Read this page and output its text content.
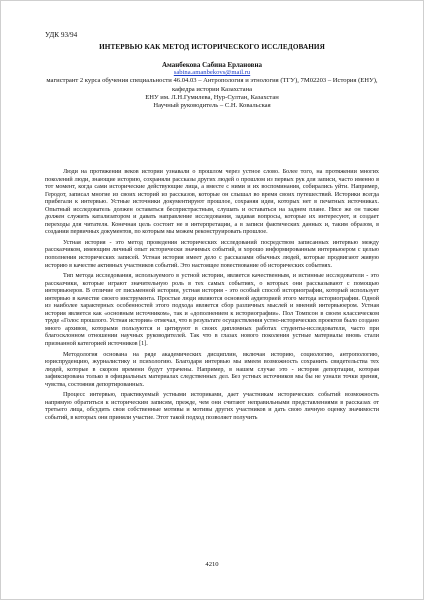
УДК 93/94
ИНТЕРВЬЮ КАК МЕТОД ИСТОРИЧЕСКОГО ИССЛЕДОВАНИЯ
Аманбекова Сабина Ерлановна
sabina.amanbekovs@mail.ru
магистрант 2 курса обучения специальности 46.04.03 – Антропология и этнология (ТГУ), 7М02203 – История (ЕНУ), кафедра истории Казахстана
ЕНУ им. Л.Н.Гумилева, Нур-Султан, Казахстан
Научный руководитель – С.Н. Ковальская

Люди на протяжении веков истории узнавали о прошлом через устное слово. Более того, на протяжении многих поколений люди, знающие историю, сохраняли рассказы других людей о прошлом из первых рук для записи, часто именно в тот момент, когда сами исторические действующие лица, а вместе с ними и их воспоминания, собирались уйти. Например, Геродот, записал многие из своих историй из рассказов, которые он слышал во время своих путешествий. Историки всегда прибегали к интервью. Устные источники документируют прошлое, сохраняя идеи, которых нет в печатных источниках. Опытный исследователь должен оставаться беспристрастным, слушать и оставаться на заднем плане. Нвсе же он также должен служить катализатором и давать направление исследования, задавая вопросы, которые их интересуют, и создает переходы для читателя. Конечная цель состоит не в интерпретации, а в записи фактических данных и, таким образом, в создании первичных документов, по которым мы можем реконструировать прошлое.

Устная история - это метод проведения исторических исследований посредством записанных интервью между рассказчиком, имеющим личный опыт исторически значимых событий, и хорошо информированным интервьюером с целью пополнения исторических записей. Устная история имеет дело с рассказами обычных людей, которые продвигают живую историю в качестве активных участников событий. Это настоящее повествование об исторических событиях.

Тип метода исследования, используемого в устной истории, является качественным, и истинные исследователи - это рассказчики, которые играют значительную роль в тех самых событиях, о которых они рассказывают с помощью интервьюеров. В отличие от письменной истории, устная история - это особый способ историографии, который использует интервью в качестве своего инструмента. Простые люди являются основной аудиторией этого метода историографии. Одной из наиболее характерных особенностей этого подхода является сбор различных мыслей и мнений интервьюером. Устная история является как «основным источником», так и «дополнением к историографии». Пол Томпсон в своем классическом труде «Голос прошлого. Устная история» отмечал, что в результате осуществления устно-исторических проектов было создано много архивов, которыми пользуются и цитируют в своих дипломных работах студенты-исследователи, часто при благосклонном отношении научных руководителей. Так что в глазах нового поколения устные материалы вновь стали признанной категорией источников [1].

Методология основана на ряде академических дисциплин, включая историю, социологию, антропологию, юриспруденцию, журналистику и психологию. Благодаря интервью мы имеем возможность сохранить свидетельства тех людей, которые в скором времени будут утрачены. Например, в нашем случае это - история депортации, которая зафиксирована только в официальных материалах следственных дел. Без устных источников мы бы не узнали точки зрения, чувства, состояния депортированных.

Процесс интервью, практикуемый устными историками, дает участникам исторических событий возможность напрямую обратиться к историческим записям, прежде, чем они считают неправильными представлениями в рассказах от третьего лица, обсудить свои собственные мотивы и мотивы других участников и дать свою личную оценку значимости событий, в которых они приняли участие. Этот такой подход позволяет получить

4210
